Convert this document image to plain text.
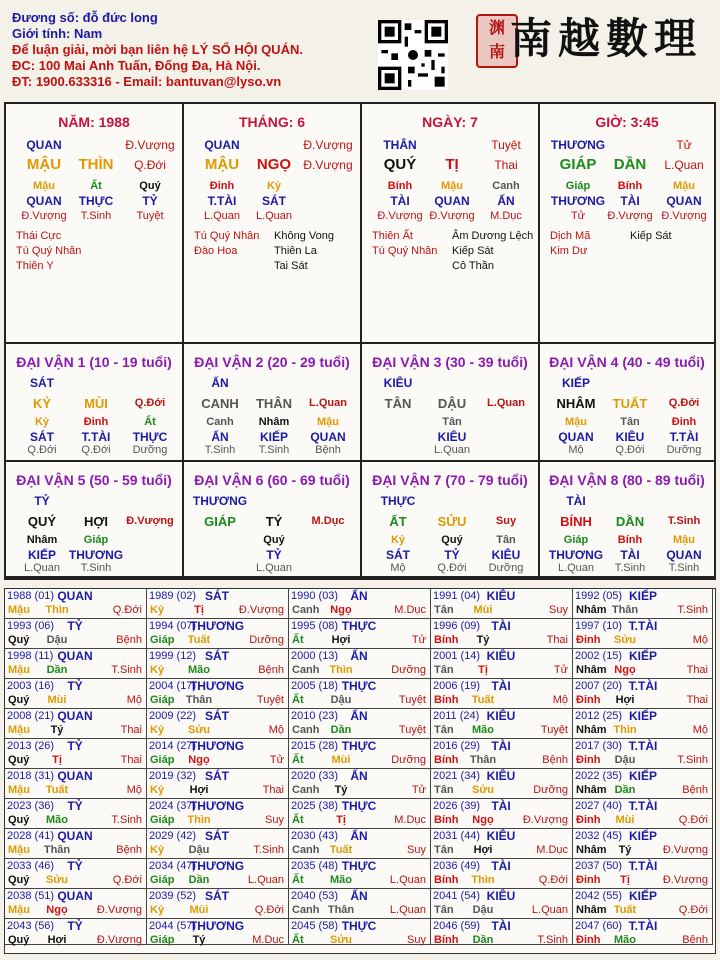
Đương số: đỗ đức long
Giới tính: Nam
Để luận giải, mời bạn liên hệ LÝ SỐ HỘI QUÁN.
ĐC: 100 Mai Anh Tuấn, Đống Đa, Hà Nội.
ĐT: 1900.633316 - Email: bantuvan@lyso.vn
渊
南 南越數理
NĂM: 1988
QUAN	Đ.Vượng
MẬU THÌN Q.Đới
Mậu
QUAN
Đ.Vượng
Ất
THỰC
T.Sinh
Quý
TỶ
Tuyệt
Thái Cực
Tú Quý Nhân
Thiên Y
THÁNG: 6
QUAN	Đ.Vượng
MẬU NGỌ Đ.Vượng
Đinh
T.TÀI
L.Quan
Kỷ
SÁT
L.Quan
Tú Quý Nhân
Đào Hoa
Không Vong
Thiên La
Tai Sát
NGÀY: 7
THÂN	Tuyệt
QUÝ TỊ	Thai
Bính
TÀI
Đ.Vượng
Mậu
QUAN
Đ.Vượng
Canh
ẤN
M.Dục
Thiên Ất
Tú Quý Nhân
Âm Dương Lệch
Kiếp Sát
Cô Thần
GIỜ: 3:45
THƯƠNG	Tử
GIÁP DẦN L.Quan
Giáp
THƯƠNG
Tử
Bính
TÀI
Đ.Vượng
Mậu
QUAN
Đ.Vượng
Dịch Mã
Kim Dư
Kiếp Sát
ĐẠI VẬN 1 (10 - 19 tuổi)
SÁT
KỶ	MÙI Q.Đới
Kỷ
SÁT
Q.Đới
Đinh
T.TÀI
Q.Đới
Ất
THỰC
Dưỡng
ĐẠI VẬN 2 (20 - 29 tuổi)
ẤN
CANH THÂN L.Quan
Canh
ẤN
T.Sinh
Nhâm
KIẾP
T.Sinh
Mậu
QUAN
Bệnh
ĐẠI VẬN 3 (30 - 39 tuổi)
KIÊU
TÂN DẬU L.Quan
Tân
KIÊU
L.Quan
ĐẠI VẬN 4 (40 - 49 tuổi)
KIẾP
NHÂM TUẤT Q.Đới
Mậu
QUAN
Mộ
Tân
KIÊU
Q.Đới
Đinh
T.TÀI
Dưỡng
ĐẠI VẬN 5 (50 - 59 tuổi)
TỶ
QUÝ HỢI Đ.Vượng
Nhâm
KIẾP
L.Quan
Giáp
THƯƠNG
T.Sinh
ĐẠI VẬN 6 (60 - 69 tuổi)
THƯƠNG
GIÁP TÝ	M.Dục
Quý
TỶ
L.Quan
ĐẠI VẬN 7 (70 - 79 tuổi)
THỰC
ẤT SỬU	Suy
Kỷ
SÁT
Mộ
Quý
TỶ
Q.Đới
Tân
KIÊU
Dưỡng
ĐẠI VẬN 8 (80 - 89 tuổi)
TÀI
BÍNH DẦN T.Sinh
Giáp
THƯƠNG
L.Quan
Bính
TÀI
T.Sinh
Mậu
QUAN
T.Sinh
1988 (01) QUAN
Mậu Thìn	Q.Đới
1989 (02) SÁT
Kỷ	Tị	Đ.Vượng
1990 (03) ẤN
Canh Ngọ	M.Dục
1991 (04) KIÊU
Tân Mùi	Suy
1992 (05) KIẾP
Nhâm Thân	T.Sinh
1993 (06) TỶ
Quý Dậu	Bệnh
1994 (07)
THƯƠNG
Giáp Tuất	Dưỡng
1995 (08) THỰC
Ất	Hợi	Tử
1996 (09) TÀI
Bính Tý	Thai
1997 (10) T.TÀI
Đinh Sửu	Mộ
1998 (11) QUAN
Mậu Dần	T.Sinh
1999 (12) SÁT
Kỷ Mão	Bệnh
2000 (13) ẤN
Canh Thìn	Dưỡng
2001 (14) KIÊU
Tân Tị	Tử
2002 (15) KIẾP
Nhâm Ngọ	Thai
2003 (16) TỶ
Quý Mùi	Mộ
2004 (17)
THƯƠNG
Giáp Thân	Tuyệt
2005 (18) THỰC
Ất Dậu	Tuyệt
2006 (19) TÀI
Bính Tuất	Mộ
2007 (20) T.TÀI
Đinh Hợi	Thai
2008 (21) QUAN
Mậu Tý	Thai
2009 (22) SÁT
Kỷ Sửu	Mộ
2010 (23) ẤN
Canh Dần	Tuyệt
2011 (24) KIÊU
Tân Mão	Tuyệt
2012 (25) KIẾP
Nhâm Thìn	Mộ
2013 (26) TỶ
Quý Tị	Thai
2014 (27)
THƯƠNG
Giáp Ngọ	Tử
2015 (28) THỰC
Ất	Mùi	Dưỡng
2016 (29) TÀI
Bính Thân	Bệnh
2017 (30) T.TÀI
Đinh Dậu	T.Sinh
2018 (31) QUAN
Mậu Tuất	Mộ
2019 (32) SÁT
Kỷ Hợi	Thai
2020 (33) ẤN
Canh Tý	Tử
2021 (34) KIÊU
Tân Sửu	Dưỡng
2022 (35) KIẾP
Nhâm Dần	Bệnh
2023 (36) TỶ
Quý Mão	T.Sinh
2024 (37)
THƯƠNG
Giáp Thìn	Suy
2025 (38) THỰC
Ất	Tị	M.Dục
2026 (39) TÀI
Bính Ngọ	Đ.Vượng
2027 (40) T.TÀI
Đinh Mùi	Q.Đới
2028 (41) QUAN
Mậu Thân	Bệnh
2029 (42) SÁT
Kỷ Dậu	T.Sinh
2030 (43) ẤN
Canh Tuất	Suy
2031 (44) KIÊU
Tân Hợi	M.Dục
2032 (45) KIẾP
Nhâm Tý	Đ.Vượng
2033 (46) TỶ
Quý Sửu	Q.Đới
2034 (47)
THƯƠNG
Giáp Dần	L.Quan
2035 (48) THỰC
Ất Mão	L.Quan
2036 (49) TÀI
Bính Thìn	Q.Đới
2037 (50) T.TÀI
Đinh Tị	Đ.Vượng
2038 (51) QUAN
Mậu Ngọ	Đ.Vượng
2039 (52) SÁT
Kỷ Mùi	Q.Đới
2040 (53) ẤN
Canh Thân	L.Quan
2041 (54) KIÊU
Tân Dậu	L.Quan
2042 (55) KIẾP
Nhâm Tuất	Q.Đới
2043 (56) TỶ
Quý Hợi	Đ.Vượng
2044 (57)
THƯƠNG
Giáp Tý	M.Dục
2045 (58) THỰC
Ất Sửu	Suy
2046 (59) TÀI
Bính Dần	T.Sinh
2047 (60) T.TÀI
Đinh Mão	Bệnh
